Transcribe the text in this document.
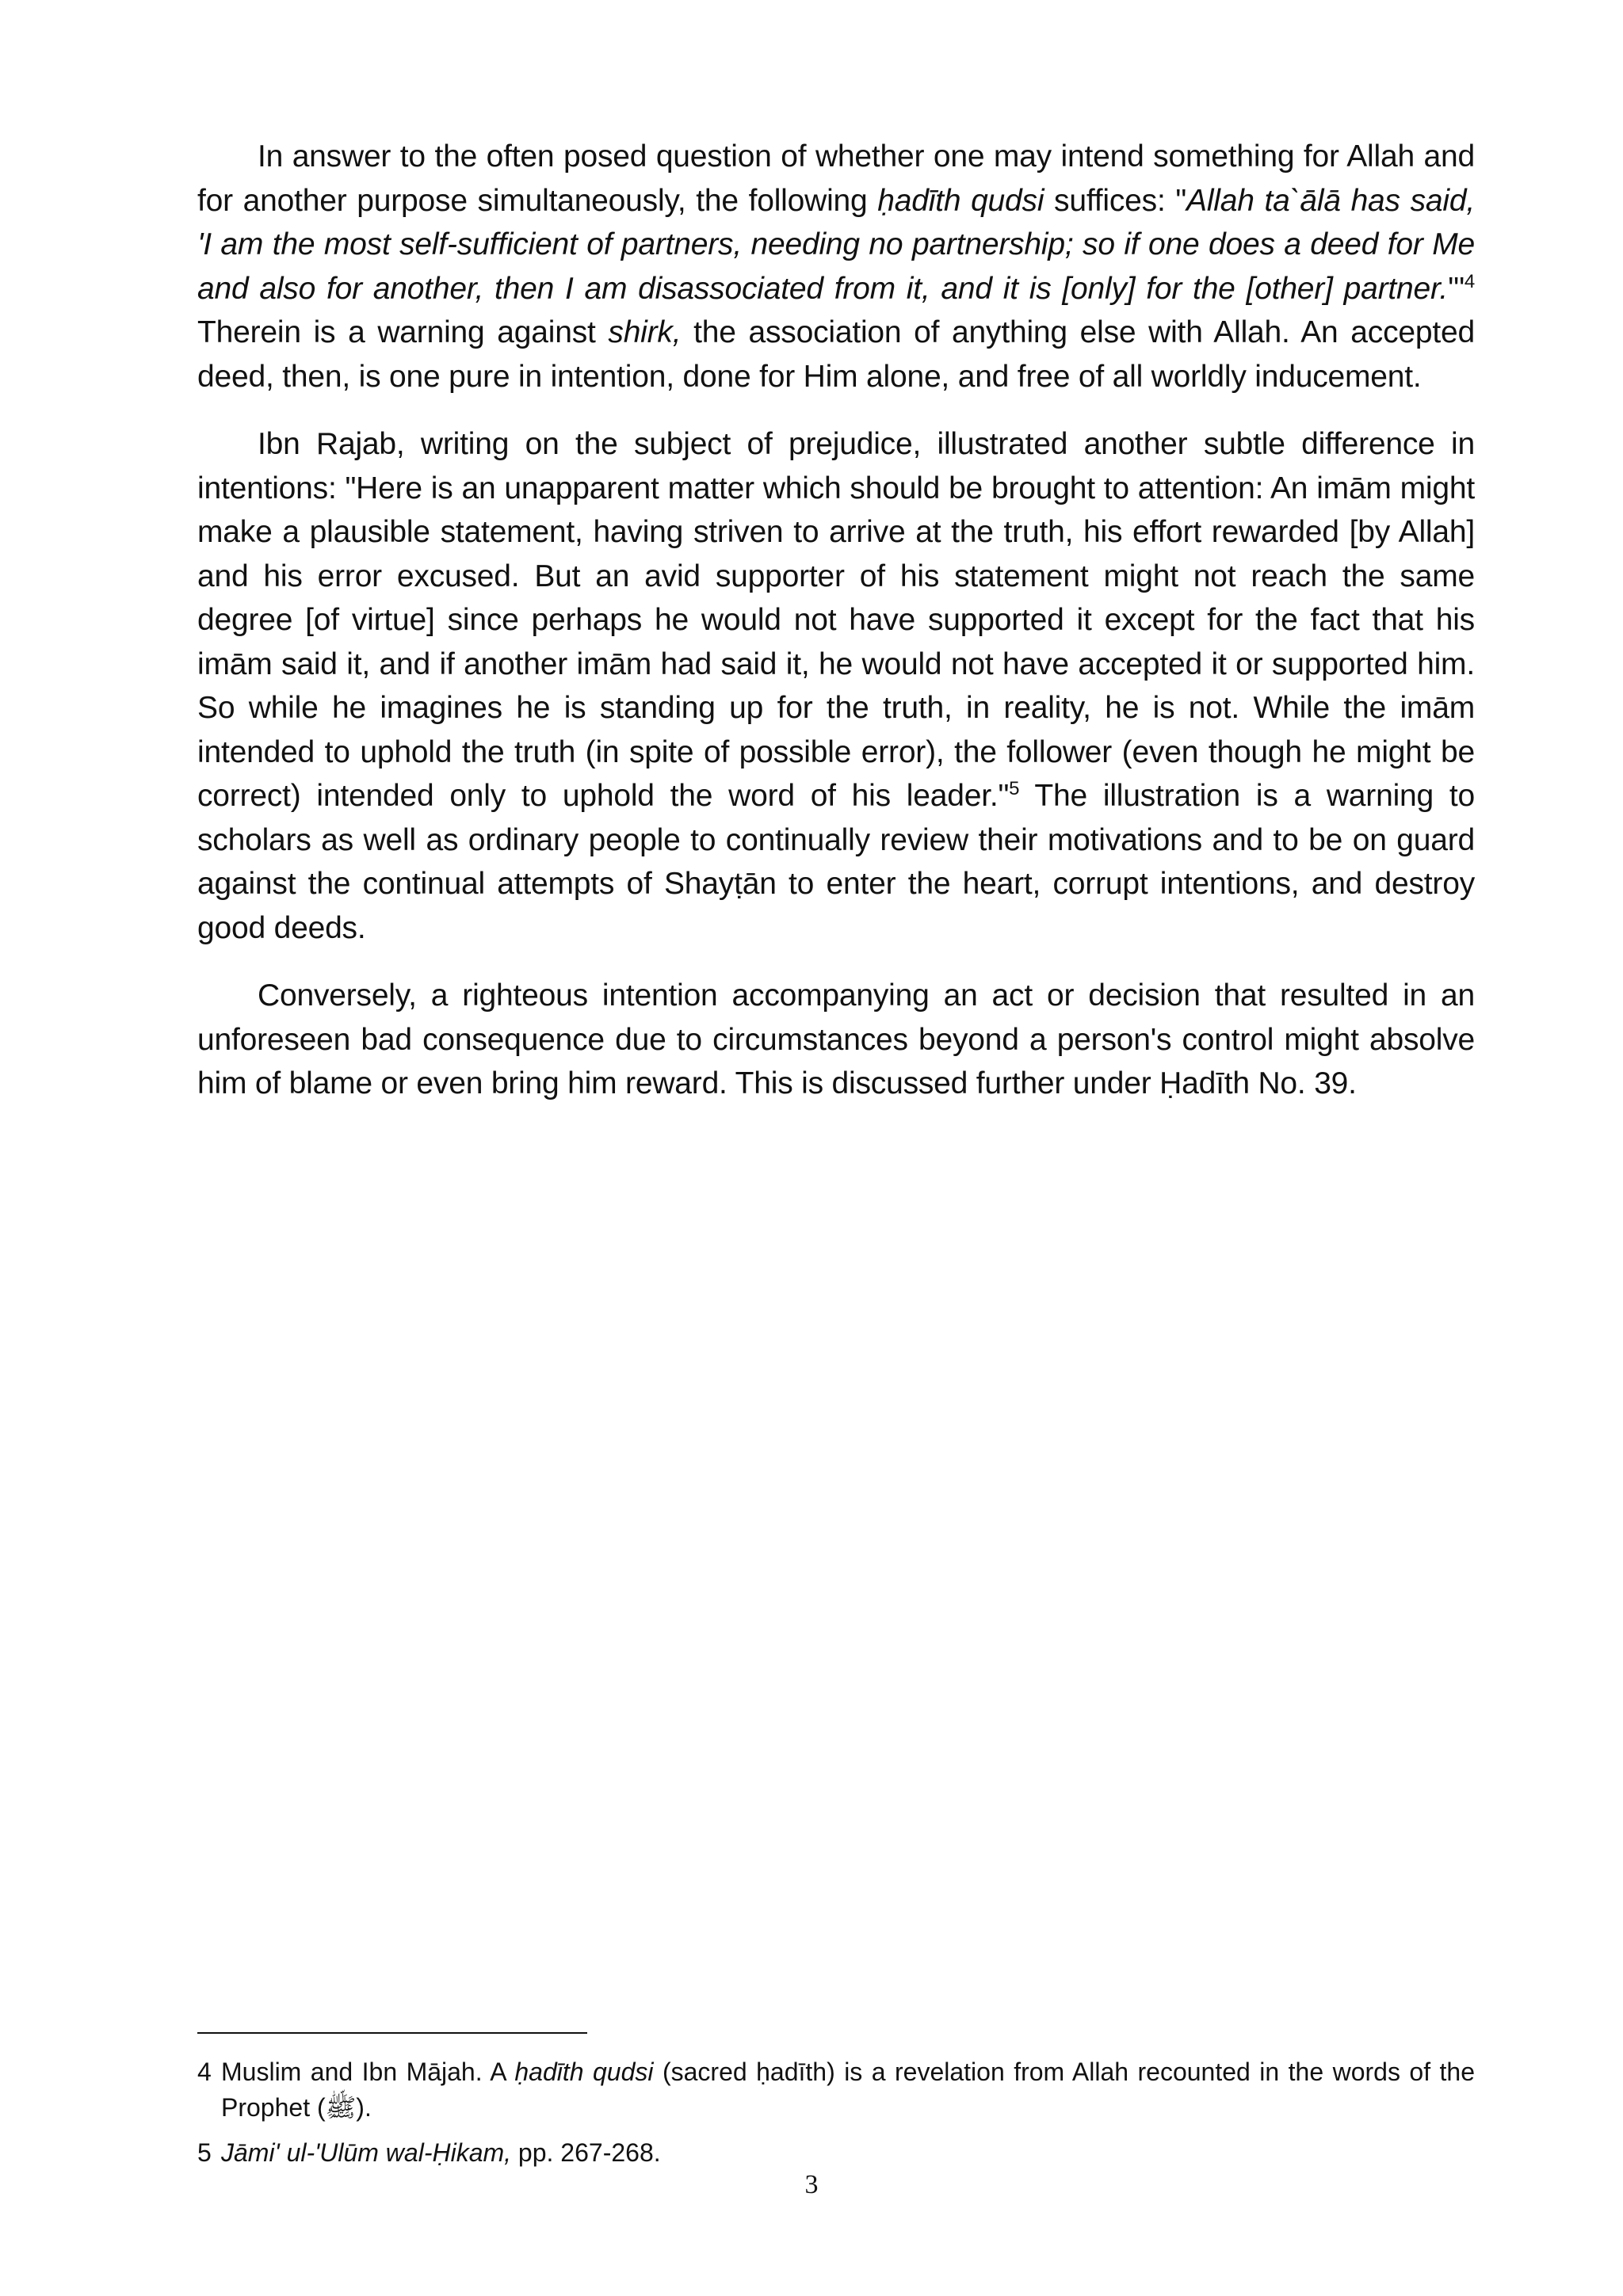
In answer to the often posed question of whether one may intend something for Allah and for another purpose simultaneously, the following ḥadīth qudsi suffices: "Allah ta`ālā has said, 'I am the most self-sufficient of partners, needing no partnership; so if one does a deed for Me and also for another, then I am disassociated from it, and it is [only] for the [other] partner.'"$^4$ Therein is a warning against shirk, the association of anything else with Allah. An accepted deed, then, is one pure in intention, done for Him alone, and free of all worldly inducement.

Ibn Rajab, writing on the subject of prejudice, illustrated another subtle difference in intentions: "Here is an unapparent matter which should be brought to attention: An imām might make a plausible statement, having striven to arrive at the truth, his effort rewarded [by Allah] and his error excused. But an avid supporter of his statement might not reach the same degree [of virtue] since perhaps he would not have supported it except for the fact that his imām said it, and if another imām had said it, he would not have accepted it or supported him. So while he imagines he is standing up for the truth, in reality, he is not. While the imām intended to uphold the truth (in spite of possible error), the follower (even though he might be correct) intended only to uphold the word of his leader."$^5$ The illustration is a warning to scholars as well as ordinary people to continually review their motivations and to be on guard against the continual attempts of Shayṭān to enter the heart, corrupt intentions, and destroy good deeds.

Conversely, a righteous intention accompanying an act or decision that resulted in an unforeseen bad consequence due to circumstances beyond a person's control might absolve him of blame or even bring him reward. This is discussed further under Ḥadīth No. 39.

4 Muslim and Ibn Mājah. A ḥadīth qudsi (sacred ḥadīth) is a revelation from Allah recounted in the words of the Prophet (ﷺ).

5 Jāmi' ul-'Ulūm wal-Ḥikam, pp. 267-268.

3
